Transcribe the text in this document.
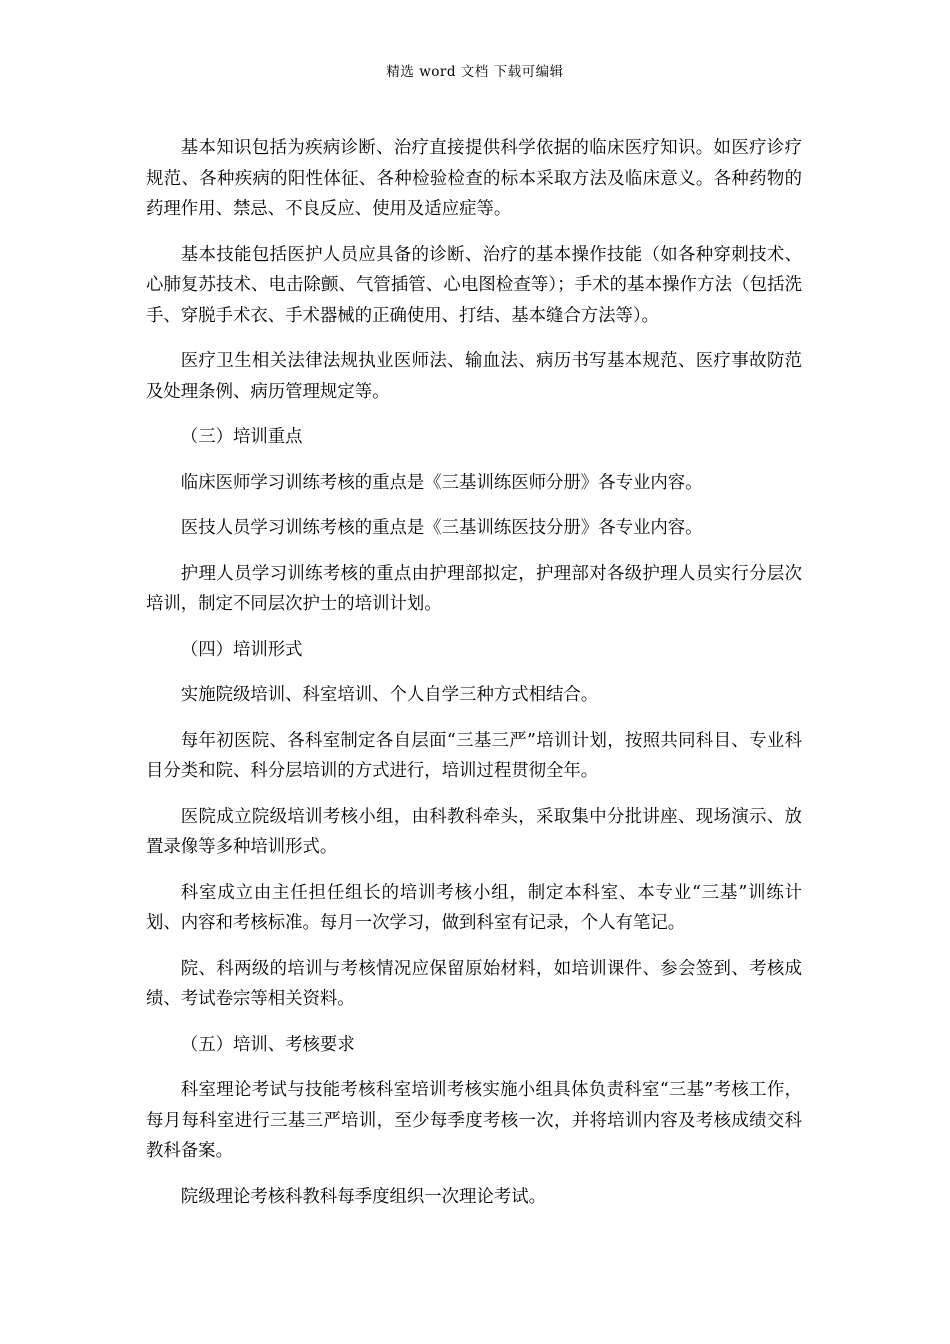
精选 word 文档 下载可编辑

基本知识包括为疾病诊断、治疗直接提供科学依据的临床医疗知识。如医疗诊疗规范、各种疾病的阳性体征、各种检验检查的标本采取方法及临床意义。各种药物的药理作用、禁忌、不良反应、使用及适应症等。

基本技能包括医护人员应具备的诊断、治疗的基本操作技能（如各种穿刺技术、心肺复苏技术、电击除颤、气管插管、心电图检查等）；手术的基本操作方法（包括洗手、穿脱手术衣、手术器械的正确使用、打结、基本缝合方法等）。

医疗卫生相关法律法规执业医师法、输血法、病历书写基本规范、医疗事故防范及处理条例、病历管理规定等。

（三）培训重点

临床医师学习训练考核的重点是《三基训练医师分册》各专业内容。

医技人员学习训练考核的重点是《三基训练医技分册》各专业内容。

护理人员学习训练考核的重点由护理部拟定，护理部对各级护理人员实行分层次培训，制定不同层次护士的培训计划。

（四）培训形式

实施院级培训、科室培训、个人自学三种方式相结合。

每年初医院、各科室制定各自层面“三基三严”培训计划，按照共同科目、专业科目分类和院、科分层培训的方式进行，培训过程贯彻全年。

医院成立院级培训考核小组，由科教科牵头，采取集中分批讲座、现场演示、放置录像等多种培训形式。

科室成立由主任担任组长的培训考核小组，制定本科室、本专业“三基”训练计划、内容和考核标准。每月一次学习，做到科室有记录，个人有笔记。

院、科两级的培训与考核情况应保留原始材料，如培训课件、参会签到、考核成绩、考试卷宗等相关资料。

（五）培训、考核要求

科室理论考试与技能考核科室培训考核实施小组具体负责科室“三基”考核工作，每月每科室进行三基三严培训，至少每季度考核一次，并将培训内容及考核成绩交科教科备案。

院级理论考核科教科每季度组织一次理论考试。
